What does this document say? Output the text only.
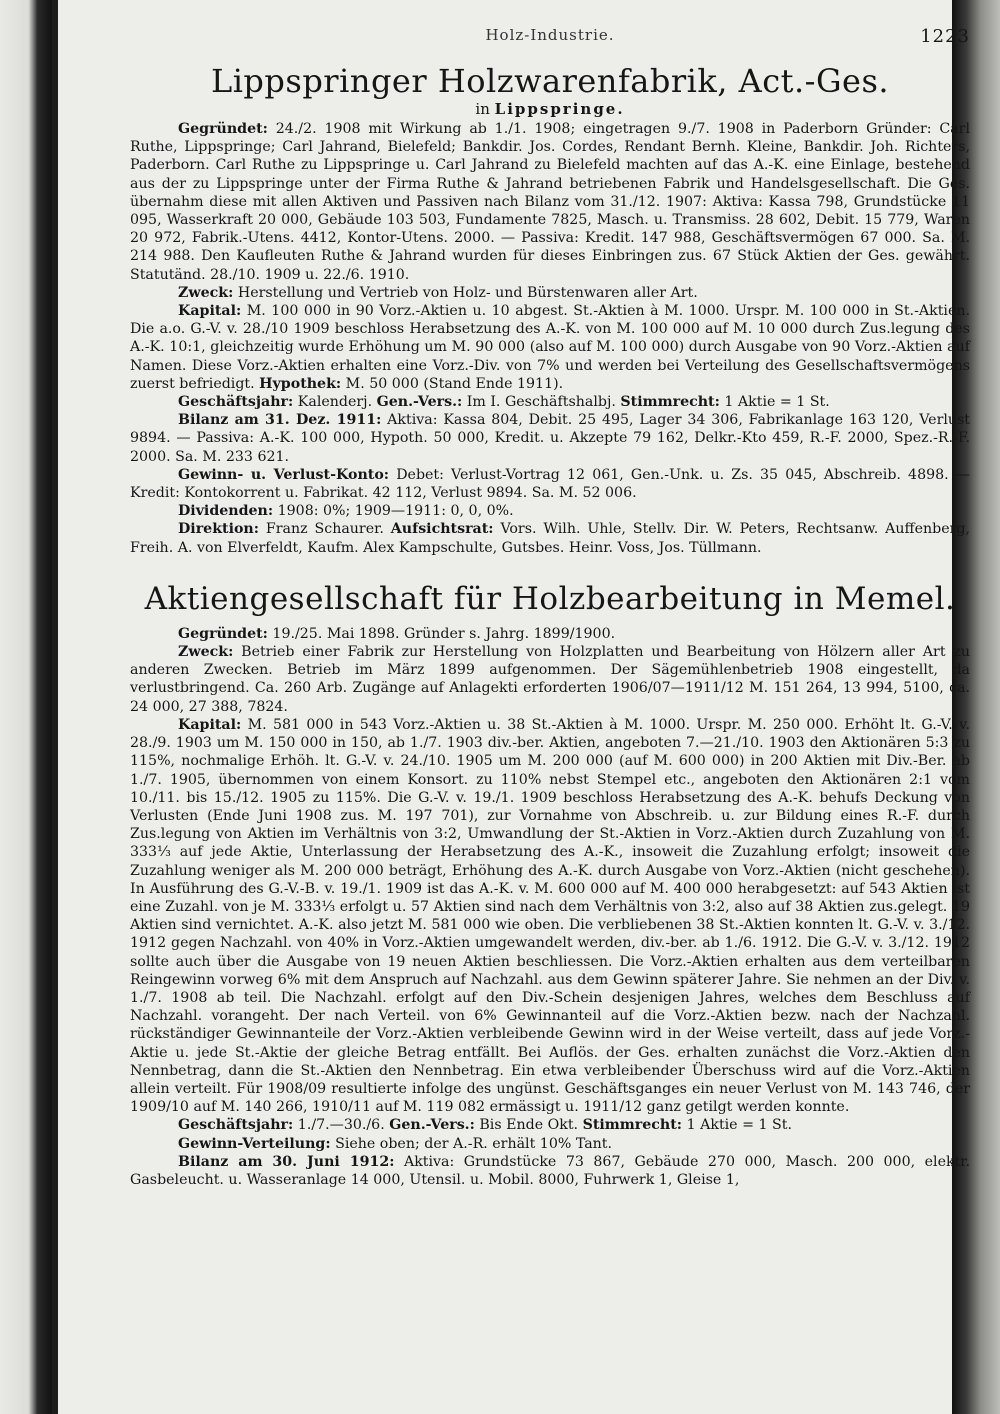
Holz-Industrie.	1223
Lippspringer Holzwarenfabrik, Act.-Ges.
in Lippspringe.

Gegründet: 24./2. 1908 mit Wirkung ab 1./1. 1908; eingetragen 9./7. 1908 in Paderborn Gründer: Carl Ruthe, Lippspringe; Carl Jahrand, Bielefeld; Bankdir. Jos. Cordes, Rendant Bernh. Kleine, Bankdir. Joh. Richters, Paderborn. Carl Ruthe zu Lippspringe u. Carl Jahrand zu Bielefeld machten auf das A.-K. eine Einlage, bestehend aus der zu Lippspringe unter der Firma Ruthe & Jahrand betriebenen Fabrik und Handelsgesellschaft. Die Ges. übernahm diese mit allen Aktiven und Passiven nach Bilanz vom 31./12. 1907: Aktiva: Kassa 798, Grundstücke 11 095, Wasserkraft 20 000, Gebäude 103 503, Fundamente 7825, Masch. u. Transmiss. 28 602, Debit. 15 779, Waren 20 972, Fabrik.-Utens. 4412, Kontor-Utens. 2000. — Passiva: Kredit. 147 988, Geschäftsvermögen 67 000. Sa. M. 214 988. Den Kaufleuten Ruthe & Jahrand wurden für dieses Einbringen zus. 67 Stück Aktien der Ges. gewährt. Statutänd. 28./10. 1909 u. 22./6. 1910.

Zweck: Herstellung und Vertrieb von Holz- und Bürstenwaren aller Art.

Kapital: M. 100 000 in 90 Vorz.-Aktien u. 10 abgest. St.-Aktien à M. 1000. Urspr. M. 100 000 in St.-Aktien. Die a.o. G.-V. v. 28./10 1909 beschloss Herabsetzung des A.-K. von M. 100 000 auf M. 10 000 durch Zus.legung des A.-K. 10:1, gleichzeitig wurde Erhöhung um M. 90 000 (also auf M. 100 000) durch Ausgabe von 90 Vorz.-Aktien auf Namen. Diese Vorz.-Aktien erhalten eine Vorz.-Div. von 7% und werden bei Verteilung des Gesellschaftsvermögens zuerst befriedigt. Hypothek: M. 50 000 (Stand Ende 1911).

Geschäftsjahr: Kalenderj. Gen.-Vers.: Im I. Geschäftshalbj. Stimmrecht: 1 Aktie = 1 St.

Bilanz am 31. Dez. 1911: Aktiva: Kassa 804, Debit. 25 495, Lager 34 306, Fabrikanlage 163 120, Verlust 9894. — Passiva: A.-K. 100 000, Hypoth. 50 000, Kredit. u. Akzepte 79 162, Delkr.-Kto 459, R.-F. 2000, Spez.-R.-F. 2000. Sa. M. 233 621.

Gewinn- u. Verlust-Konto: Debet: Verlust-Vortrag 12 061, Gen.-Unk. u. Zs. 35 045, Abschreib. 4898. — Kredit: Kontokorrent u. Fabrikat. 42 112, Verlust 9894. Sa. M. 52 006.

Dividenden: 1908: 0%; 1909—1911: 0, 0, 0%.

Direktion: Franz Schaurer. Aufsichtsrat: Vors. Wilh. Uhle, Stellv. Dir. W. Peters, Rechtsanw. Auffenberg, Freih. A. von Elverfeldt, Kaufm. Alex Kampschulte, Gutsbes. Heinr. Voss, Jos. Tüllmann.

Aktiengesellschaft für Holzbearbeitung in Memel.

Gegründet: 19./25. Mai 1898. Gründer s. Jahrg. 1899/1900.

Zweck: Betrieb einer Fabrik zur Herstellung von Holzplatten und Bearbeitung von Hölzern aller Art zu anderen Zwecken. Betrieb im März 1899 aufgenommen. Der Sägemühlenbetrieb 1908 eingestellt, da verlustbringend. Ca. 260 Arb. Zugänge auf Anlagekti erforderten 1906/07—1911/12 M. 151 264, 13 994, 5100, ca. 24 000, 27 388, 7824.

Kapital: M. 581 000 in 543 Vorz.-Aktien u. 38 St.-Aktien à M. 1000. Urspr. M. 250 000. Erhöht lt. G.-V. v. 28./9. 1903 um M. 150 000 in 150, ab 1./7. 1903 div.-ber. Aktien, angeboten 7.—21./10. 1903 den Aktionären 5:3 zu 115%, nochmalige Erhöh. lt. G.-V. v. 24./10. 1905 um M. 200 000 (auf M. 600 000) in 200 Aktien mit Div.-Ber. ab 1./7. 1905, übernommen von einem Konsort. zu 110% nebst Stempel etc., angeboten den Aktionären 2:1 vom 10./11. bis 15./12. 1905 zu 115%. Die G.-V. v. 19./1. 1909 beschloss Herabsetzung des A.-K. behufs Deckung von Verlusten (Ende Juni 1908 zus. M. 197 701), zur Vornahme von Abschreib. u. zur Bildung eines R.-F. durch Zus.legung von Aktien im Verhältnis von 3:2, Umwandlung der St.-Aktien in Vorz.-Aktien durch Zuzahlung von M. 333⅓ auf jede Aktie, Unterlassung der Herabsetzung des A.-K., insoweit die Zuzahlung erfolgt; insoweit die Zuzahlung weniger als M. 200 000 beträgt, Erhöhung des A.-K. durch Ausgabe von Vorz.-Aktien (nicht geschehen). In Ausführung des G.-V.-B. v. 19./1. 1909 ist das A.-K. v. M. 600 000 auf M. 400 000 herabgesetzt: auf 543 Aktien ist eine Zuzahl. von je M. 333⅓ erfolgt u. 57 Aktien sind nach dem Verhältnis von 3:2, also auf 38 Aktien zus.gelegt. 19 Aktien sind vernichtet. A.-K. also jetzt M. 581 000 wie oben. Die verbliebenen 38 St.-Aktien konnten lt. G.-V. v. 3./12. 1912 gegen Nachzahl. von 40% in Vorz.-Aktien umgewandelt werden, div.-ber. ab 1./6. 1912. Die G.-V. v. 3./12. 1912 sollte auch über die Ausgabe von 19 neuen Aktien beschliessen. Die Vorz.-Aktien erhalten aus dem verteilbaren Reingewinn vorweg 6% mit dem Anspruch auf Nachzahl. aus dem Gewinn späterer Jahre. Sie nehmen an der Div. v. 1./7. 1908 ab teil. Die Nachzahl. erfolgt auf den Div.-Schein desjenigen Jahres, welches dem Beschluss auf Nachzahl. vorangeht. Der nach Verteil. von 6% Gewinnanteil auf die Vorz.-Aktien bezw. nach der Nachzahl. rückständiger Gewinnanteile der Vorz.-Aktien verbleibende Gewinn wird in der Weise verteilt, dass auf jede Vorz.-Aktie u. jede St.-Aktie der gleiche Betrag entfällt. Bei Auflös. der Ges. erhalten zunächst die Vorz.-Aktien den Nennbetrag, dann die St.-Aktien den Nennbetrag. Ein etwa verbleibender Überschuss wird auf die Vorz.-Aktien allein verteilt. Für 1908/09 resultierte infolge des ungünst. Geschäftsganges ein neuer Verlust von M. 143 746, der 1909/10 auf M. 140 266, 1910/11 auf M. 119 082 ermässigt u. 1911/12 ganz getilgt werden konnte.

Geschäftsjahr: 1./7.—30./6. Gen.-Vers.: Bis Ende Okt. Stimmrecht: 1 Aktie = 1 St.

Gewinn-Verteilung: Siehe oben; der A.-R. erhält 10% Tant.

Bilanz am 30. Juni 1912: Aktiva: Grundstücke 73 867, Gebäude 270 000, Masch. 200 000, elektr. Gasbeleucht. u. Wasseranlage 14 000, Utensil. u. Mobil. 8000, Fuhrwerk 1, Gleise 1,
